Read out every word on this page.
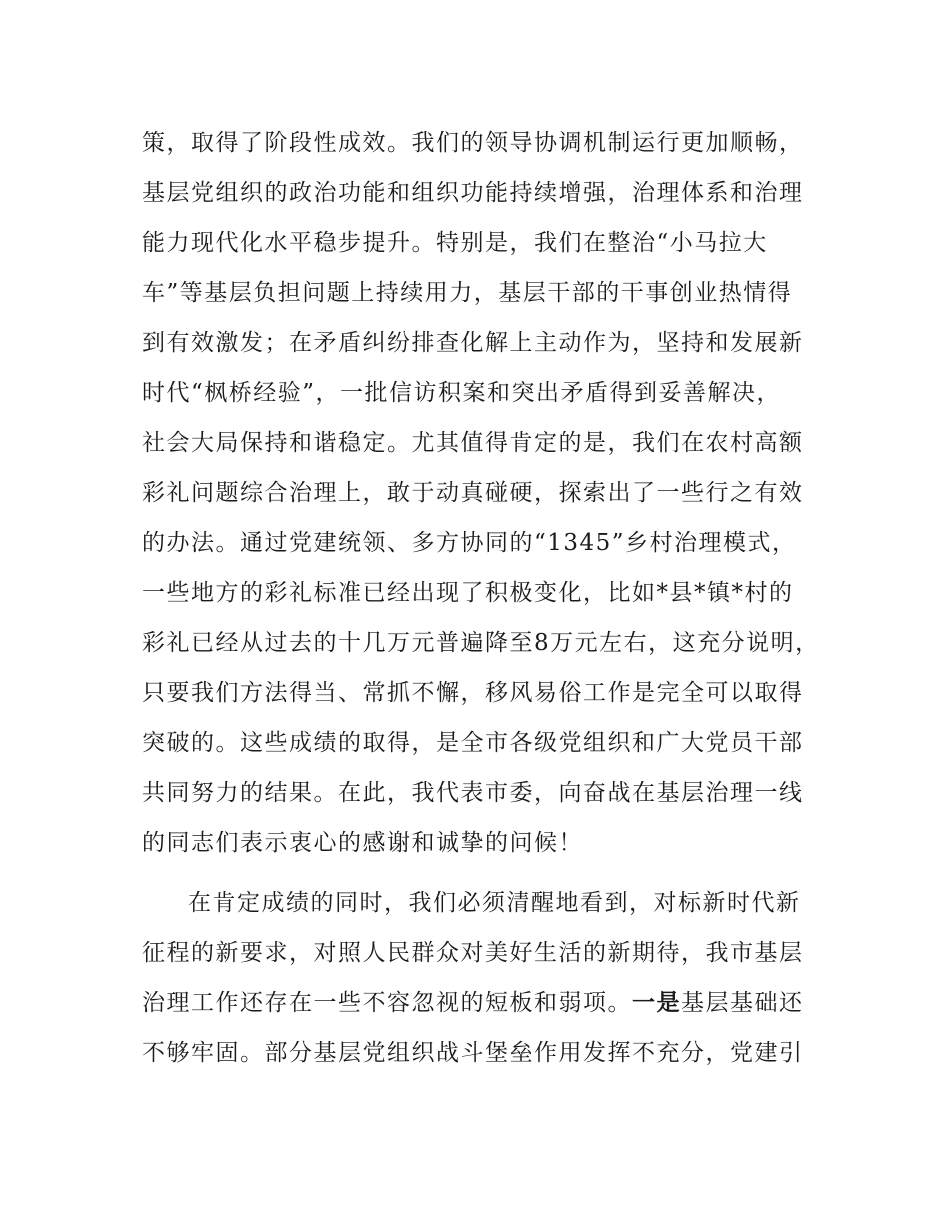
策，取得了阶段性成效。我们的领导协调机制运行更加顺畅，
基层党组织的政治功能和组织功能持续增强，治理体系和治理
能力现代化水平稳步提升。特别是，我们在整治“小马拉大
车”等基层负担问题上持续用力，基层干部的干事创业热情得
到有效激发；在矛盾纠纷排查化解上主动作为，坚持和发展新
时代“枫桥经验”，一批信访积案和突出矛盾得到妥善解决，
社会大局保持和谐稳定。尤其值得肯定的是，我们在农村高额
彩礼问题综合治理上，敢于动真碰硬，探索出了一些行之有效
的办法。通过党建统领、多方协同的“1345”乡村治理模式，
一些地方的彩礼标准已经出现了积极变化，比如*县*镇*村的
彩礼已经从过去的十几万元普遍降至8万元左右，这充分说明，
只要我们方法得当、常抓不懈，移风易俗工作是完全可以取得
突破的。这些成绩的取得，是全市各级党组织和广大党员干部
共同努力的结果。在此，我代表市委，向奋战在基层治理一线
的同志们表示衷心的感谢和诚挚的问候！
在肯定成绩的同时，我们必须清醒地看到，对标新时代新
征程的新要求，对照人民群众对美好生活的新期待，我市基层
治理工作还存在一些不容忽视的短板和弱项。一是基层基础还
不够牢固。部分基层党组织战斗堡垒作用发挥不充分，党建引
